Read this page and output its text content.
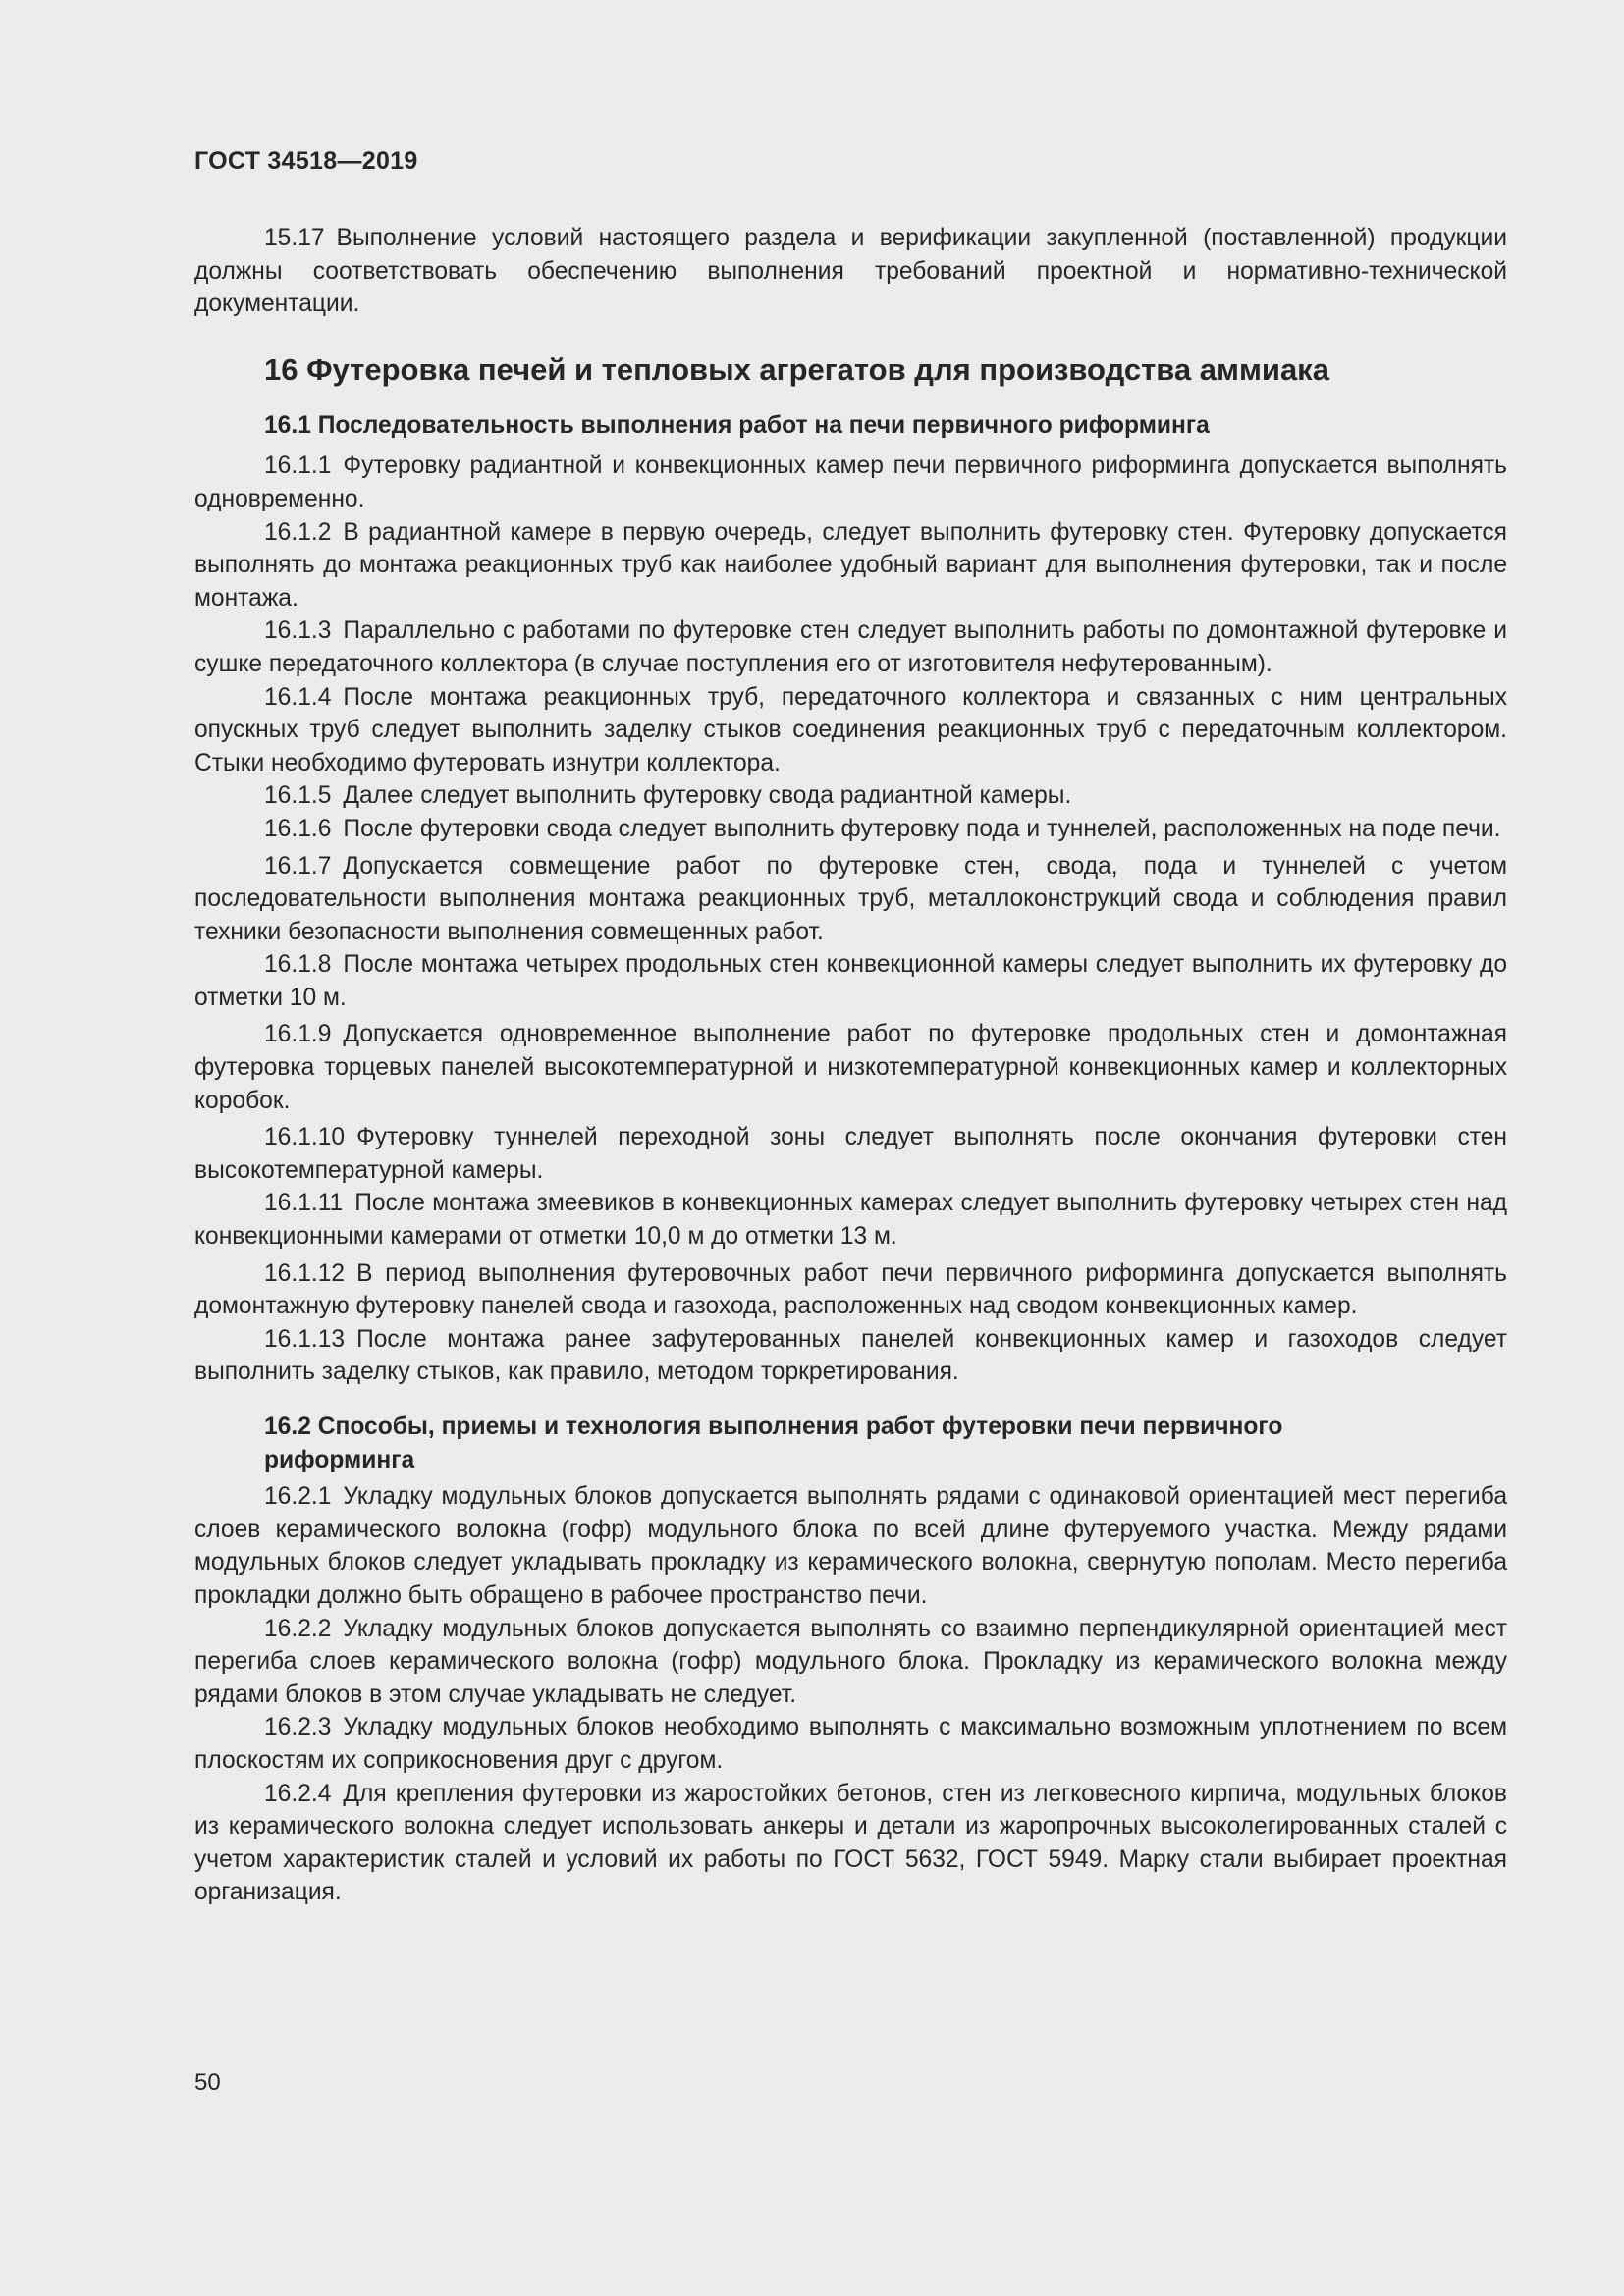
ГОСТ 34518—2019

15.17 Выполнение условий настоящего раздела и верификации закупленной (поставленной) продукции должны соответствовать обеспечению выполнения требований проектной и нормативно-технической документации.

16 Футеровка печей и тепловых агрегатов для производства аммиака
16.1 Последовательность выполнения работ на печи первичного риформинга

16.1.1 Футеровку радиантной и конвекционных камер печи первичного риформинга допускается выполнять одновременно.

16.1.2 В радиантной камере в первую очередь, следует выполнить футеровку стен. Футеровку допускается выполнять до монтажа реакционных труб как наиболее удобный вариант для выполнения футеровки, так и после монтажа.

16.1.3 Параллельно с работами по футеровке стен следует выполнить работы по домонтажной футеровке и сушке передаточного коллектора (в случае поступления его от изготовителя нефутерованным).

16.1.4 После монтажа реакционных труб, передаточного коллектора и связанных с ним центральных опускных труб следует выполнить заделку стыков соединения реакционных труб с передаточным коллектором. Стыки необходимо футеровать изнутри коллектора.

16.1.5 Далее следует выполнить футеровку свода радиантной камеры.

16.1.6 После футеровки свода следует выполнить футеровку пода и туннелей, расположенных на поде печи.

16.1.7 Допускается совмещение работ по футеровке стен, свода, пода и туннелей с учетом последовательности выполнения монтажа реакционных труб, металлоконструкций свода и соблюдения правил техники безопасности выполнения совмещенных работ.

16.1.8 После монтажа четырех продольных стен конвекционной камеры следует выполнить их футеровку до отметки 10 м.

16.1.9 Допускается одновременное выполнение работ по футеровке продольных стен и домонтажная футеровка торцевых панелей высокотемпературной и низкотемпературной конвекционных камер и коллекторных коробок.

16.1.10 Футеровку туннелей переходной зоны следует выполнять после окончания футеровки стен высокотемпературной камеры.

16.1.11 После монтажа змеевиков в конвекционных камерах следует выполнить футеровку четырех стен над конвекционными камерами от отметки 10,0 м до отметки 13 м.

16.1.12 В период выполнения футеровочных работ печи первичного риформинга допускается выполнять домонтажную футеровку панелей свода и газохода, расположенных над сводом конвекционных камер.

16.1.13 После монтажа ранее зафутерованных панелей конвекционных камер и газоходов следует выполнить заделку стыков, как правило, методом торкретирования.

16.2 Способы, приемы и технология выполнения работ футеровки печи первичного риформинга

16.2.1 Укладку модульных блоков допускается выполнять рядами с одинаковой ориентацией мест перегиба слоев керамического волокна (гофр) модульного блока по всей длине футеруемого участка. Между рядами модульных блоков следует укладывать прокладку из керамического волокна, свернутую пополам. Место перегиба прокладки должно быть обращено в рабочее пространство печи.

16.2.2 Укладку модульных блоков допускается выполнять со взаимно перпендикулярной ориентацией мест перегиба слоев керамического волокна (гофр) модульного блока. Прокладку из керамического волокна между рядами блоков в этом случае укладывать не следует.

16.2.3 Укладку модульных блоков необходимо выполнять с максимально возможным уплотнением по всем плоскостям их соприкосновения друг с другом.

16.2.4 Для крепления футеровки из жаростойких бетонов, стен из легковесного кирпича, модульных блоков из керамического волокна следует использовать анкеры и детали из жаропрочных высоколегированных сталей с учетом характеристик сталей и условий их работы по ГОСТ 5632, ГОСТ 5949. Марку стали выбирает проектная организация.

50
